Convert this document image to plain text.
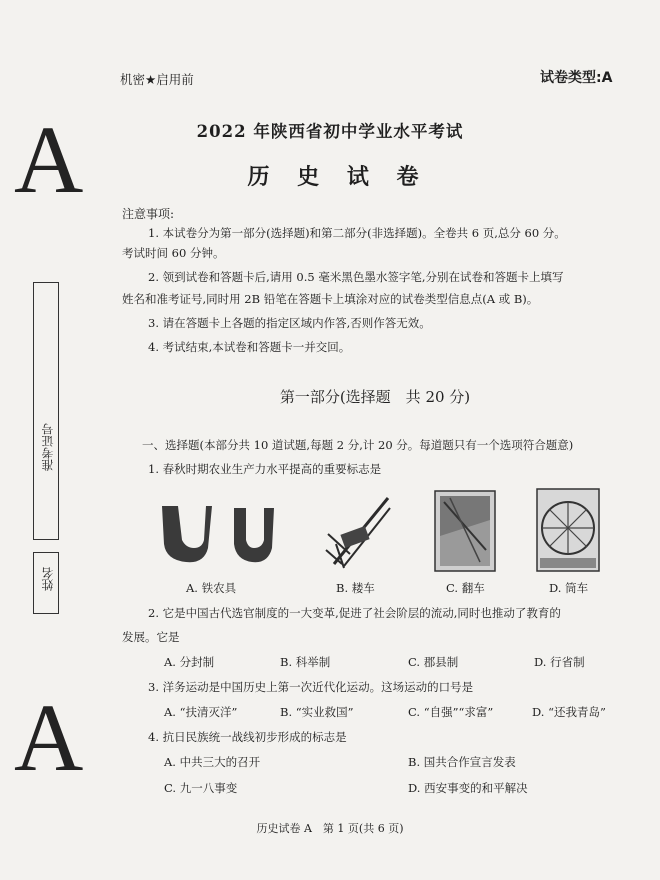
A
A
准考证号
姓名
机密★启用前	试卷类型:A
2022 年陕西省初中学业水平考试
历 史 试 卷
注意事项:
1. 本试卷分为第一部分(选择题)和第二部分(非选择题)。全卷共 6 页,总分 60 分。
考试时间 60 分钟。
2. 领到试卷和答题卡后,请用 0.5 毫米黑色墨水签字笔,分别在试卷和答题卡上填写
姓名和准考证号,同时用 2B 铅笔在答题卡上填涂对应的试卷类型信息点(A 或 B)。
3. 请在答题卡上各题的指定区域内作答,否则作答无效。
4. 考试结束,本试卷和答题卡一并交回。
第一部分(选择题　共 20 分)
一、选择题(本部分共 10 道试题,每题 2 分,计 20 分。每道题只有一个选项符合题意)
1. 春秋时期农业生产力水平提高的重要标志是
A. 铁农具	B. 耧车	C. 翻车	D. 筒车
2. 它是中国古代选官制度的一大变革,促进了社会阶层的流动,同时也推动了教育的
发展。它是
A. 分封制	B. 科举制	C. 郡县制	D. 行省制
3. 洋务运动是中国历史上第一次近代化运动。这场运动的口号是
A. “扶清灭洋”	B. “实业救国”	C. “自强”“求富”	D. “还我青岛”
4. 抗日民族统一战线初步形成的标志是
A. 中共三大的召开	B. 国共合作宣言发表
C. 九一八事变	D. 西安事变的和平解决
历史试卷 A　第 1 页(共 6 页)
